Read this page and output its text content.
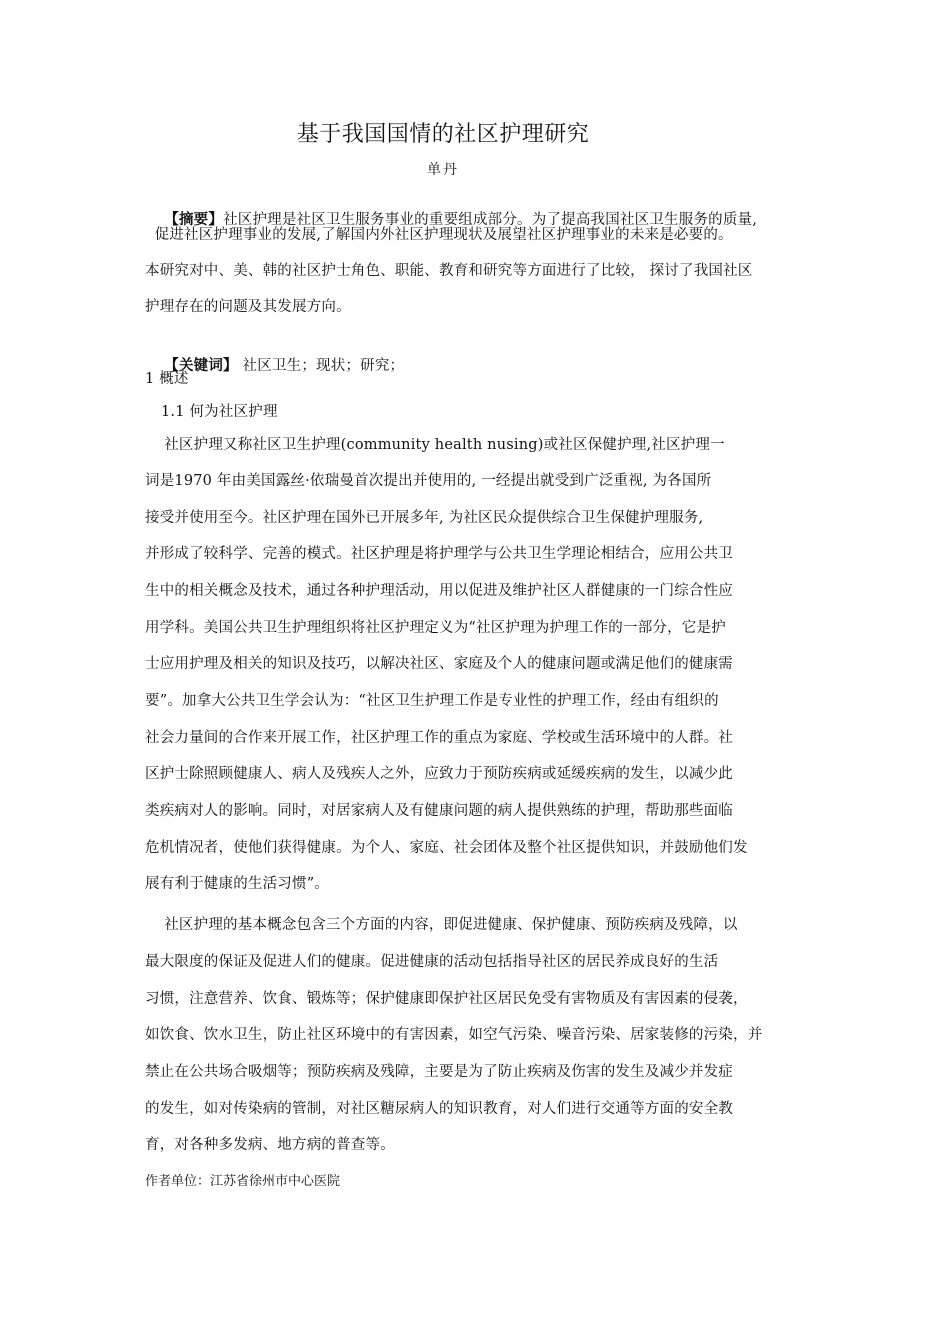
基于我国国情的社区护理研究
单丹

【摘要】社区护理是社区卫生服务事业的重要组成部分。为了提高我国社区卫生服务的质量,

促进社区护理事业的发展,了解国内外社区护理现状及展望社区护理事业的未来是必要的。
本研究对中、美、韩的社区护士角色、职能、教育和研究等方面进行了比较， 探讨了我国社区
护理存在的问题及其发展方向。

【关键词】 社区卫生；现状；研究；

1 概述
1.1 何为社区护理
社区护理又称社区卫生护理(community health nusing)或社区保健护理,社区护理一
词是1970 年由美国露丝·依瑞曼首次提出并使用的, 一经提出就受到广泛重视, 为各国所
接受并使用至今。社区护理在国外已开展多年, 为社区民众提供综合卫生保健护理服务,
并形成了较科学、完善的模式。社区护理是将护理学与公共卫生学理论相结合，应用公共卫
生中的相关概念及技术，通过各种护理活动，用以促进及维护社区人群健康的一门综合性应
用学科。美国公共卫生护理组织将社区护理定义为“社区护理为护理工作的一部分，它是护
士应用护理及相关的知识及技巧，以解决社区、家庭及个人的健康问题或满足他们的健康需
要”。加拿大公共卫生学会认为：“社区卫生护理工作是专业性的护理工作，经由有组织的
社会力量间的合作来开展工作，社区护理工作的重点为家庭、学校或生活环境中的人群。社
区护士除照顾健康人、病人及残疾人之外，应致力于预防疾病或延缓疾病的发生，以减少此
类疾病对人的影响。同时，对居家病人及有健康问题的病人提供熟练的护理，帮助那些面临
危机情况者，使他们获得健康。为个人、家庭、社会团体及整个社区提供知识，并鼓励他们发
展有利于健康的生活习惯”。
社区护理的基本概念包含三个方面的内容，即促进健康、保护健康、预防疾病及残障，以
最大限度的保证及促进人们的健康。促进健康的活动包括指导社区的居民养成良好的生活
习惯，注意营养、饮食、锻炼等；保护健康即保护社区居民免受有害物质及有害因素的侵袭，
如饮食、饮水卫生，防止社区环境中的有害因素，如空气污染、噪音污染、居家装修的污染，并
禁止在公共场合吸烟等；预防疾病及残障，主要是为了防止疾病及伤害的发生及减少并发症
的发生，如对传染病的管制，对社区糖尿病人的知识教育，对人们进行交通等方面的安全教
育，对各种多发病、地方病的普查等。
作者单位：江苏省徐州市中心医院
